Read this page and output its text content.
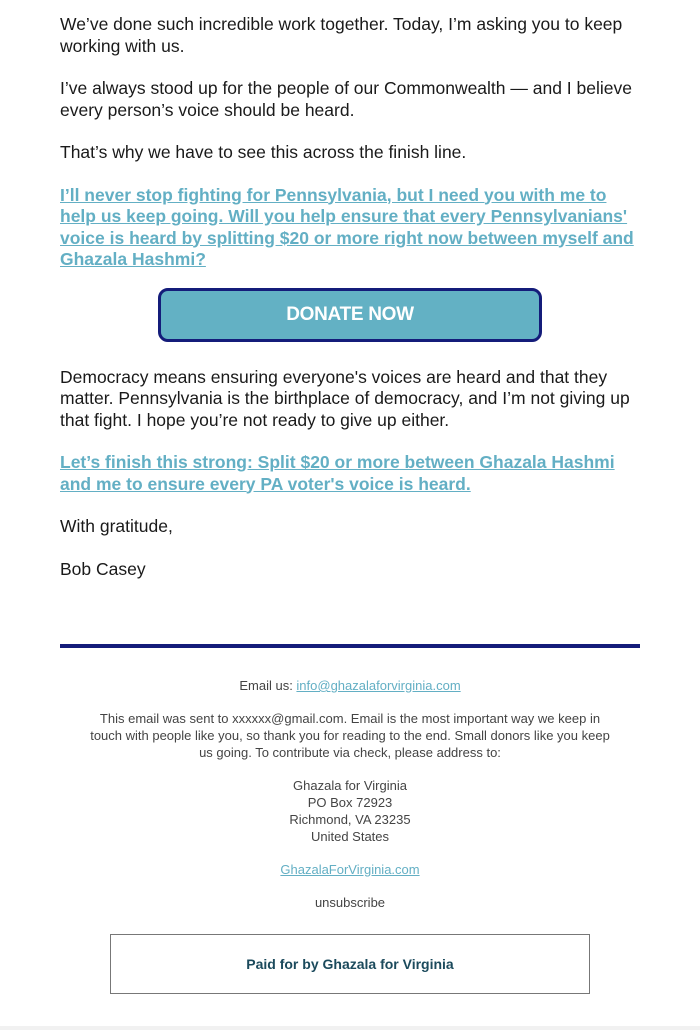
We’ve done such incredible work together. Today, I’m asking you to keep working with us.

I’ve always stood up for the people of our Commonwealth — and I believe every person’s voice should be heard.

That’s why we have to see this across the finish line.

I’ll never stop fighting for Pennsylvania, but I need you with me to help us keep going. Will you help ensure that every Pennsylvanians' voice is heard by splitting $20 or more right now between myself and Ghazala Hashmi?
DONATE NOW

Democracy means ensuring everyone's voices are heard and that they matter. Pennsylvania is the birthplace of democracy, and I’m not giving up that fight. I hope you’re not ready to give up either.

Let’s finish this strong: Split $20 or more between Ghazala Hashmi and me to ensure every PA voter's voice is heard.

With gratitude,

Bob Casey

Email us: info@ghazalaforvirginia.com

This email was sent to xxxxxx@gmail.com. Email is the most important way we keep in touch with people like you, so thank you for reading to the end. Small donors like you keep us going. To contribute via check, please address to:

Ghazala for Virginia
PO Box 72923
Richmond, VA 23235
United States

GhazalaForVirginia.com

unsubscribe

Paid for by Ghazala for Virginia
